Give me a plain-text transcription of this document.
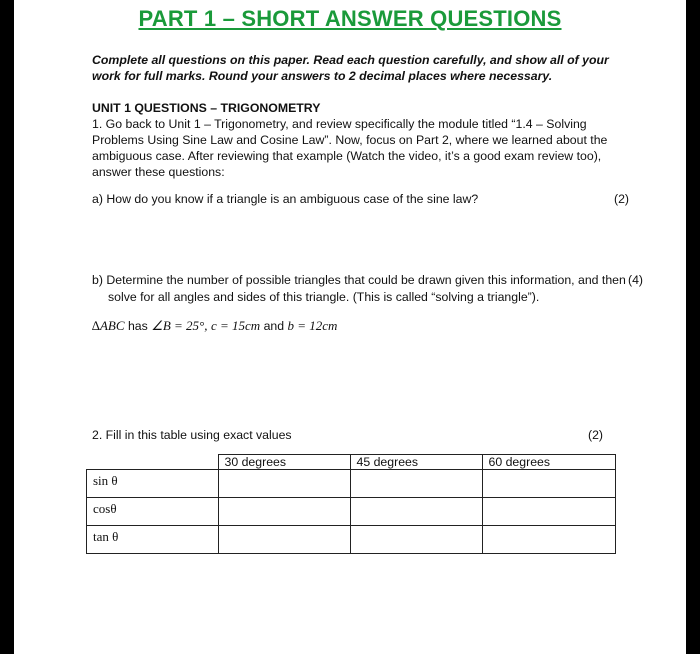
PART 1 – SHORT ANSWER QUESTIONS
Complete all questions on this paper. Read each question carefully, and show all of your
work for full marks. Round your answers to 2 decimal places where necessary.
UNIT 1 QUESTIONS – TRIGONOMETRY
1. Go back to Unit 1 – Trigonometry, and review specifically the module titled “1.4 – Solving
Problems Using Sine Law and Cosine Law”. Now, focus on Part 2, where we learned about the
ambiguous case. After reviewing that example (Watch the video, it’s a good exam review too),
answer these questions:
a) How do you know if a triangle is an ambiguous case of the sine law?	(2)
b) Determine the number of possible triangles that could be drawn given this information, and then (4)
solve for all angles and sides of this triangle. (This is called “solving a triangle”).
∆ABC has ∠B = 25°, c = 15cm and b = 12cm
2. Fill in this table using exact values	(2)
	30 degrees	45 degrees	60 degrees
sin θ			
cosθ			
tan θ			
